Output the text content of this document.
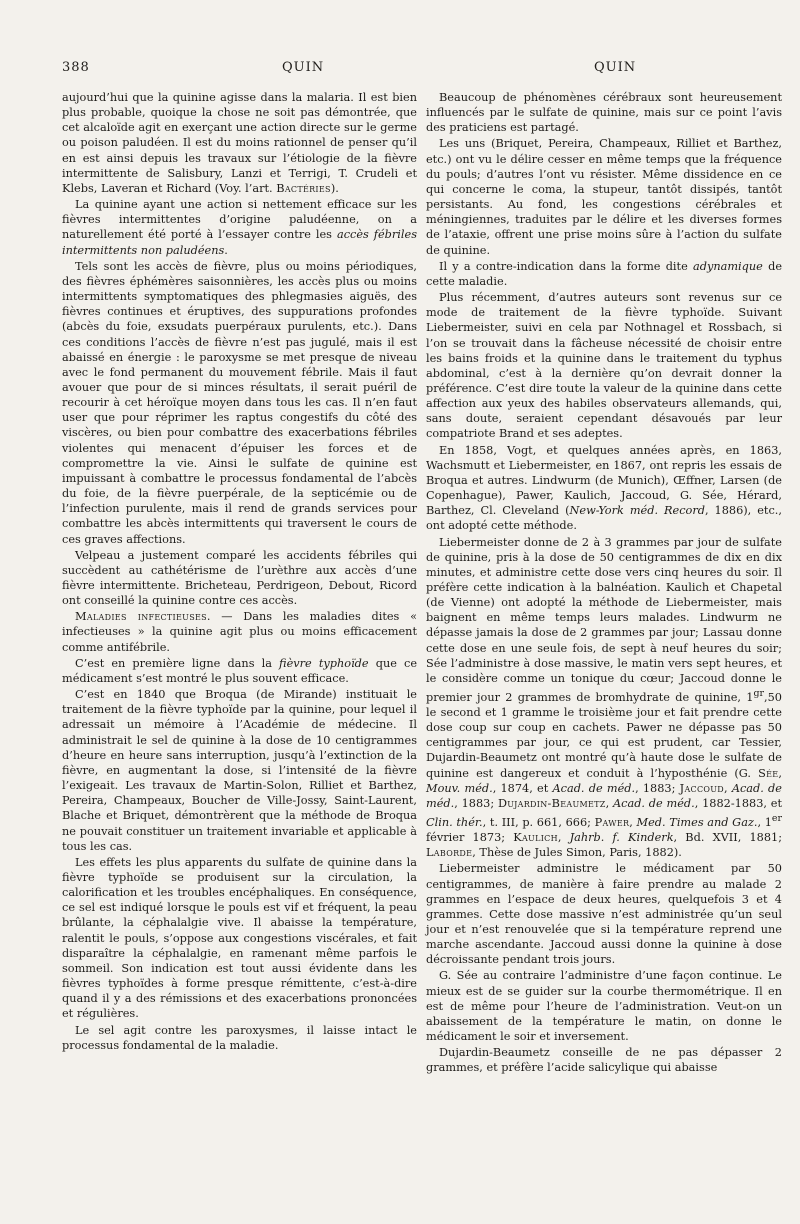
388	QUIN	QUIN

aujourd’hui que la quinine agisse dans la malaria. Il est bien plus probable, quoique la chose ne soit pas démontrée, que cet alcaloïde agit en exerçant une action directe sur le germe ou poison paludéen. Il est du moins rationnel de penser qu’il en est ainsi depuis les travaux sur l’étiologie de la fièvre intermittente de Salisbury, Lanzi et Terrigi, T. Crudeli et Klebs, Laveran et Richard (Voy. l’art. Bactéries).

La quinine ayant une action si nettement efficace sur les fièvres intermittentes d’origine paludéenne, on a naturellement été porté à l’essayer contre les accès fébriles intermittents non paludéens.

Tels sont les accès de fièvre, plus ou moins périodiques, des fièvres éphémères saisonnières, les accès plus ou moins intermittents symptomatiques des phlegmasies aiguës, des fièvres continues et éruptives, des suppurations profondes (abcès du foie, exsudats puerpéraux purulents, etc.). Dans ces conditions l’accès de fièvre n’est pas jugulé, mais il est abaissé en énergie : le paroxysme se met presque de niveau avec le fond permanent du mouvement fébrile. Mais il faut avouer que pour de si minces résultats, il serait puéril de recourir à cet héroïque moyen dans tous les cas. Il n’en faut user que pour réprimer les raptus congestifs du côté des viscères, ou bien pour combattre des exacerbations fébriles violentes qui menacent d’épuiser les forces et de compromettre la vie. Ainsi le sulfate de quinine est impuissant à combattre le processus fondamental de l’abcès du foie, de la fièvre puerpérale, de la septicémie ou de l’infection purulente, mais il rend de grands services pour combattre les abcès intermittents qui traversent le cours de ces graves affections.

Velpeau a justement comparé les accidents fébriles qui succèdent au cathétérisme de l’urèthre aux accès d’une fièvre intermittente. Bricheteau, Perdrigeon, Debout, Ricord ont conseillé la quinine contre ces accès.

Maladies infectieuses. — Dans les maladies dites « infectieuses » la quinine agit plus ou moins efficacement comme antifébrile.

C’est en première ligne dans la fièvre typhoïde que ce médicament s’est montré le plus souvent efficace.

C’est en 1840 que Broqua (de Mirande) instituait le traitement de la fièvre typhoïde par la quinine, pour lequel il adressait un mémoire à l’Académie de médecine. Il administrait le sel de quinine à la dose de 10 centigrammes d’heure en heure sans interruption, jusqu’à l’extinction de la fièvre, en augmentant la dose, si l’intensité de la fièvre l’exigeait. Les travaux de Martin-Solon, Rilliet et Barthez, Pereira, Champeaux, Boucher de Ville-Jossy, Saint-Laurent, Blache et Briquet, démontrèrent que la méthode de Broqua ne pouvait constituer un traitement invariable et applicable à tous les cas.

Les effets les plus apparents du sulfate de quinine dans la fièvre typhoïde se produisent sur la circulation, la calorification et les troubles encéphaliques. En conséquence, ce sel est indiqué lorsque le pouls est vif et fréquent, la peau brûlante, la céphalalgie vive. Il abaisse la température, ralentit le pouls, s’oppose aux congestions viscérales, et fait disparaître la céphalalgie, en ramenant même parfois le sommeil. Son indication est tout aussi évidente dans les fièvres typhoïdes à forme presque rémittente, c’est-à-dire quand il y a des rémissions et des exacerbations prononcées et régulières.

Le sel agit contre les paroxysmes, il laisse intact le processus fondamental de la maladie.

Beaucoup de phénomènes cérébraux sont heureusement influencés par le sulfate de quinine, mais sur ce point l’avis des praticiens est partagé.

Les uns (Briquet, Pereira, Champeaux, Rilliet et Barthez, etc.) ont vu le délire cesser en même temps que la fréquence du pouls; d’autres l’ont vu résister. Même dissidence en ce qui concerne le coma, la stupeur, tantôt dissipés, tantôt persistants. Au fond, les congestions cérébrales et méningiennes, traduites par le délire et les diverses formes de l’ataxie, offrent une prise moins sûre à l’action du sulfate de quinine.

Il y a contre-indication dans la forme dite adynamique de cette maladie.

Plus récemment, d’autres auteurs sont revenus sur ce mode de traitement de la fièvre typhoïde. Suivant Liebermeister, suivi en cela par Nothnagel et Rossbach, si l’on se trouvait dans la fâcheuse nécessité de choisir entre les bains froids et la quinine dans le traitement du typhus abdominal, c’est à la dernière qu’on devrait donner la préférence. C’est dire toute la valeur de la quinine dans cette affection aux yeux des habiles observateurs allemands, qui, sans doute, seraient cependant désavoués par leur compatriote Brand et ses adeptes.

En 1858, Vogt, et quelques années après, en 1863, Wachsmutt et Liebermeister, en 1867, ont repris les essais de Broqua et autres. Lindwurm (de Munich), Œffner, Larsen (de Copenhague), Pawer, Kaulich, Jaccoud, G. Sée, Hérard, Barthez, Cl. Cleveland (New-York méd. Record, 1886), etc., ont adopté cette méthode.

Liebermeister donne de 2 à 3 grammes par jour de sulfate de quinine, pris à la dose de 50 centigrammes de dix en dix minutes, et administre cette dose vers cinq heures du soir. Il préfère cette indication à la balnéation. Kaulich et Chapetal (de Vienne) ont adopté la méthode de Liebermeister, mais baignent en même temps leurs malades. Lindwurm ne dépasse jamais la dose de 2 grammes par jour; Lassau donne cette dose en une seule fois, de sept à neuf heures du soir; Sée l’administre à dose massive, le matin vers sept heures, et le considère comme un tonique du cœur; Jaccoud donne le premier jour 2 grammes de bromhydrate de quinine, $1^{gr},50$ le second et 1 gramme le troisième jour et fait prendre cette dose coup sur coup en cachets. Pawer ne dépasse pas 50 centigrammes par jour, ce qui est prudent, car Tessier, Dujardin-Beaumetz ont montré qu’à haute dose le sulfate de quinine est dangereux et conduit à l’hyposthénie (G. Sée, Mouv. méd., 1874, et Acad. de méd., 1883; Jaccoud, Acad. de méd., 1883; Dujardin-Beaumetz, Acad. de méd., 1882-1883, et Clin. thér., t. III, p. 661, 666; Pawer, Med. Times and Gaz., 1er février 1873; Kaulich, Jahrb. f. Kinderk, Bd. XVII, 1881; Laborde, Thèse de Jules Simon, Paris, 1882).

Liebermeister administre le médicament par 50 centigrammes, de manière à faire prendre au malade 2 grammes en l’espace de deux heures, quelquefois 3 et 4 grammes. Cette dose massive n’est administrée qu’un seul jour et n’est renouvelée que si la température reprend une marche ascendante. Jaccoud aussi donne la quinine à dose décroissante pendant trois jours.

G. Sée au contraire l’administre d’une façon continue. Le mieux est de se guider sur la courbe thermométrique. Il en est de même pour l’heure de l’administration. Veut-on un abaissement de la température le matin, on donne le médicament le soir et inversement.

Dujardin-Beaumetz conseille de ne pas dépasser 2 grammes, et préfère l’acide salicylique qui abaisse
